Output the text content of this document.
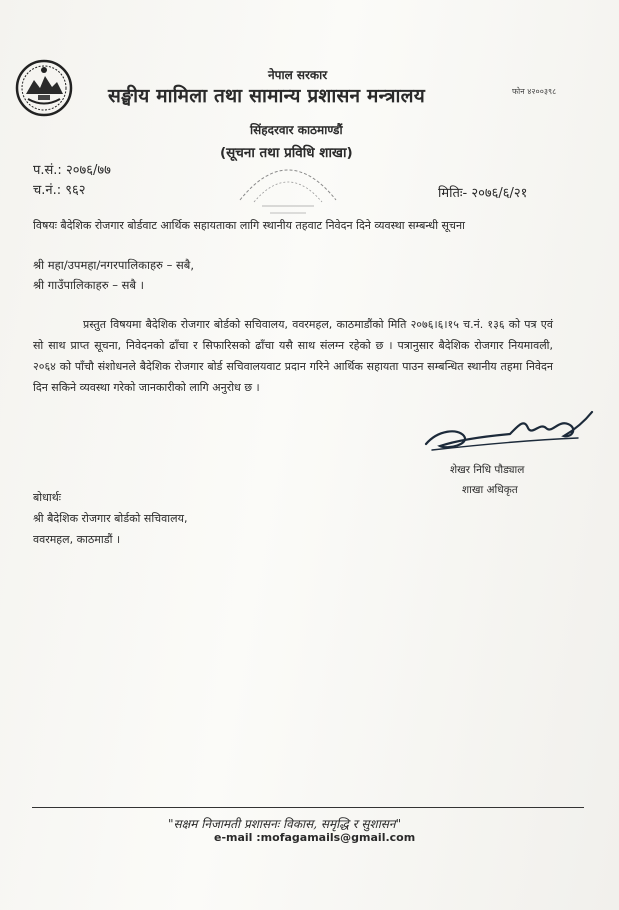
नेपाल सरकार
सङ्घीय मामिला तथा सामान्य प्रशासन मन्त्रालय	फोन ४२००३९८
सिंहदरवार काठमाण्डौं
(सूचना तथा प्रविधि शाखा)
प.सं.: २०७६/७७
च.नं.: ९६२	मितिः- २०७६/६/२१
विषयः बैदेशिक रोजगार बोर्डवाट आर्थिक सहायताका लागि स्थानीय तहवाट निवेदन दिने व्यवस्था सम्बन्धी सूचना
श्री महा/उपमहा/नगरपालिकाहरु – सबै,
श्री गाउँपालिकाहरु – सबै ।
प्रस्तुत विषयमा बैदेशिक रोजगार बोर्डको सचिवालय, ववरमहल, काठमाडौंको मिति २०७६।६।१५ च.नं. १३६ को पत्र एवं सो साथ प्राप्त सूचना, निवेदनको ढाँचा र सिफारिसको ढाँचा यसै साथ संलग्न रहेको छ । पत्रानुसार बैदेशिक रोजगार नियमावली, २०६४ को पाँचौ संशोधनले बैदेशिक रोजगार बोर्ड सचिवालयवाट प्रदान गरिने आर्थिक सहायता पाउन सम्बन्धित स्थानीय तहमा निवेदन दिन सकिने व्यवस्था गरेको जानकारीको लागि अनुरोध छ ।
शेखर निधि पौड्याल
शाखा अधिकृत
बोधार्थः
श्री बैदेशिक रोजगार बोर्डको सचिवालय,
ववरमहल, काठमाडौं ।
"सक्षम निजामती प्रशासनः विकास, समृद्धि र सुशासन"
e-mail :mofagamails@gmail.com
